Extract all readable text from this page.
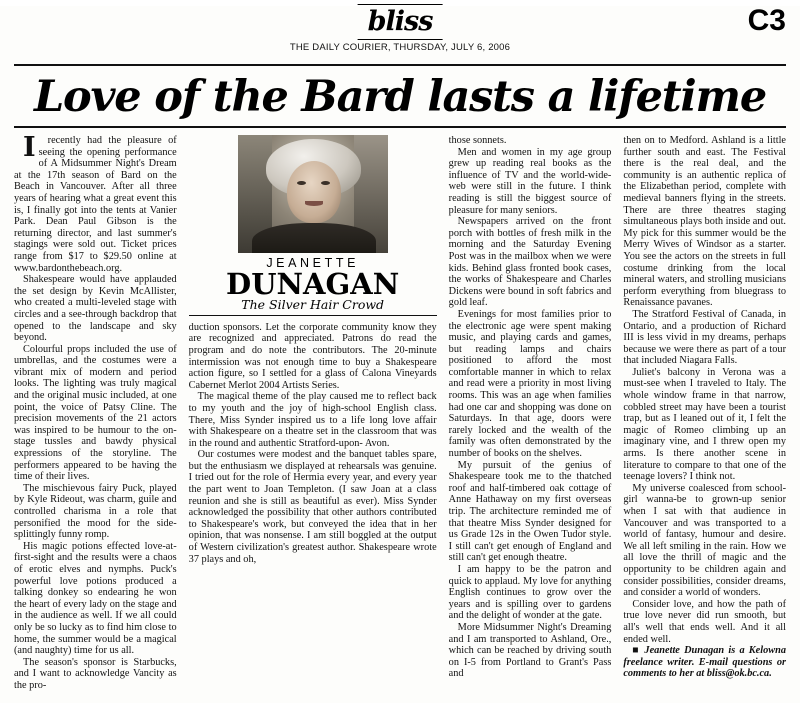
bliss
THE DAILY COURIER, THURSDAY, JULY 6, 2006
C3
Love of the Bard lasts a lifetime

I recently had the pleasure of seeing the opening performance of A Midsummer Night's Dream at the 17th season of Bard on the Beach in Vancouver. After all three years of hearing what a great event this is, I finally got into the tents at Vanier Park. Dean Paul Gibson is the returning director, and last summer's stagings were sold out. Ticket prices range from $17 to $29.50 online at www.bardonthebeach.org.

Shakespeare would have applauded the set design by Kevin McAllister, who created a multi-leveled stage with circles and a see-through backdrop that opened to the landscape and sky beyond.

Colourful props included the use of umbrellas, and the costumes were a vibrant mix of modern and period looks. The lighting was truly magical and the original music included, at one point, the voice of Patsy Cline. The precision movements of the 21 actors was inspired to be humour to the on-stage tussles and bawdy physical expressions of the storyline. The performers appeared to be having the time of their lives.

The mischievous fairy Puck, played by Kyle Rideout, was charm, guile and controlled charisma in a role that personified the mood for the side-splittingly funny romp.

His magic potions effected love-at-first-sight and the results were a chaos of erotic elves and nymphs. Puck's powerful love potions produced a talking donkey so endearing he won the heart of every lady on the stage and in the audience as well. If we all could only be so lucky as to find him close to home, the summer would be a magical (and naughty) time for us all.

The season's sponsor is Starbucks, and I want to acknowledge Vancity as the pro-

JEANETTE
DUNAGAN
The Silver Hair Crowd

duction sponsors. Let the corporate community know they are recognized and appreciated. Patrons do read the program and do note the contributors. The 20-minute intermission was not enough time to buy a Shakespeare action figure, so I settled for a glass of Calona Vineyards Cabernet Merlot 2004 Artists Series.

The magical theme of the play caused me to reflect back to my youth and the joy of high-school English class. There, Miss Synder inspired us to a life long love affair with Shakespeare on a theatre set in the classroom that was in the round and authentic Stratford-upon- Avon.

Our costumes were modest and the banquet tables spare, but the enthusiasm we displayed at rehearsals was genuine. I tried out for the role of Hermia every year, and every year the part went to Joan Templeton. (I saw Joan at a class reunion and she is still as beautiful as ever). Miss Synder acknowledged the possibility that other authors contributed to Shakespeare's work, but conveyed the idea that in her opinion, that was nonsense. I am still boggled at the output of Western civilization's greatest author. Shakespeare wrote 37 plays and oh,

those sonnets.

Men and women in my age group grew up reading real books as the influence of TV and the world-wide-web were still in the future. I think reading is still the biggest source of pleasure for many seniors.

Newspapers arrived on the front porch with bottles of fresh milk in the morning and the Saturday Evening Post was in the mailbox when we were kids. Behind glass fronted book cases, the works of Shakespeare and Charles Dickens were bound in soft fabrics and gold leaf.

Evenings for most families prior to the electronic age were spent making music, and playing cards and games, but reading lamps and chairs positioned to afford the most comfortable manner in which to relax and read were a priority in most living rooms. This was an age when families had one car and shopping was done on Saturdays. In that age, doors were rarely locked and the wealth of the family was often demonstrated by the number of books on the shelves.

My pursuit of the genius of Shakespeare took me to the thatched roof and half-timbered oak cottage of Anne Hathaway on my first overseas trip. The architecture reminded me of that theatre Miss Synder designed for us Grade 12s in the Owen Tudor style. I still can't get enough of England and still can't get enough theatre.

I am happy to be the patron and quick to applaud. My love for anything English continues to grow over the years and is spilling over to gardens and the delight of wonder at the gate.

More Midsummer Night's Dreaming and I am transported to Ashland, Ore., which can be reached by driving south on I-5 from Portland to Grant's Pass and

then on to Medford. Ashland is a little further south and east. The Festival there is the real deal, and the community is an authentic replica of the Elizabethan period, complete with medieval banners flying in the streets. There are three theatres staging simultaneous plays both inside and out. My pick for this summer would be the Merry Wives of Windsor as a starter. You see the actors on the streets in full costume drinking from the local mineral waters, and strolling musicians perform everything from bluegrass to Renaissance pavanes.

The Stratford Festival of Canada, in Ontario, and a production of Richard III is less vivid in my dreams, perhaps because we were there as part of a tour that included Niagara Falls.

Juliet's balcony in Verona was a must-see when I traveled to Italy. The whole window frame in that narrow, cobbled street may have been a tourist trap, but as I leaned out of it, I felt the magic of Romeo climbing up an imaginary vine, and I threw open my arms. Is there another scene in literature to compare to that one of the teenage lovers? I think not.

My universe coalesced from school-girl wanna-be to grown-up senior when I sat with that audience in Vancouver and was transported to a world of fantasy, humour and desire. We all left smiling in the rain. How we all love the thrill of magic and the opportunity to be children again and consider possibilities, consider dreams, and consider a world of wonders.

Consider love, and how the path of true love never did run smooth, but all's well that ends well. And it all ended well.

■ Jeanette Dunagan is a Kelowna freelance writer. E-mail questions or comments to her at bliss@ok.bc.ca.
